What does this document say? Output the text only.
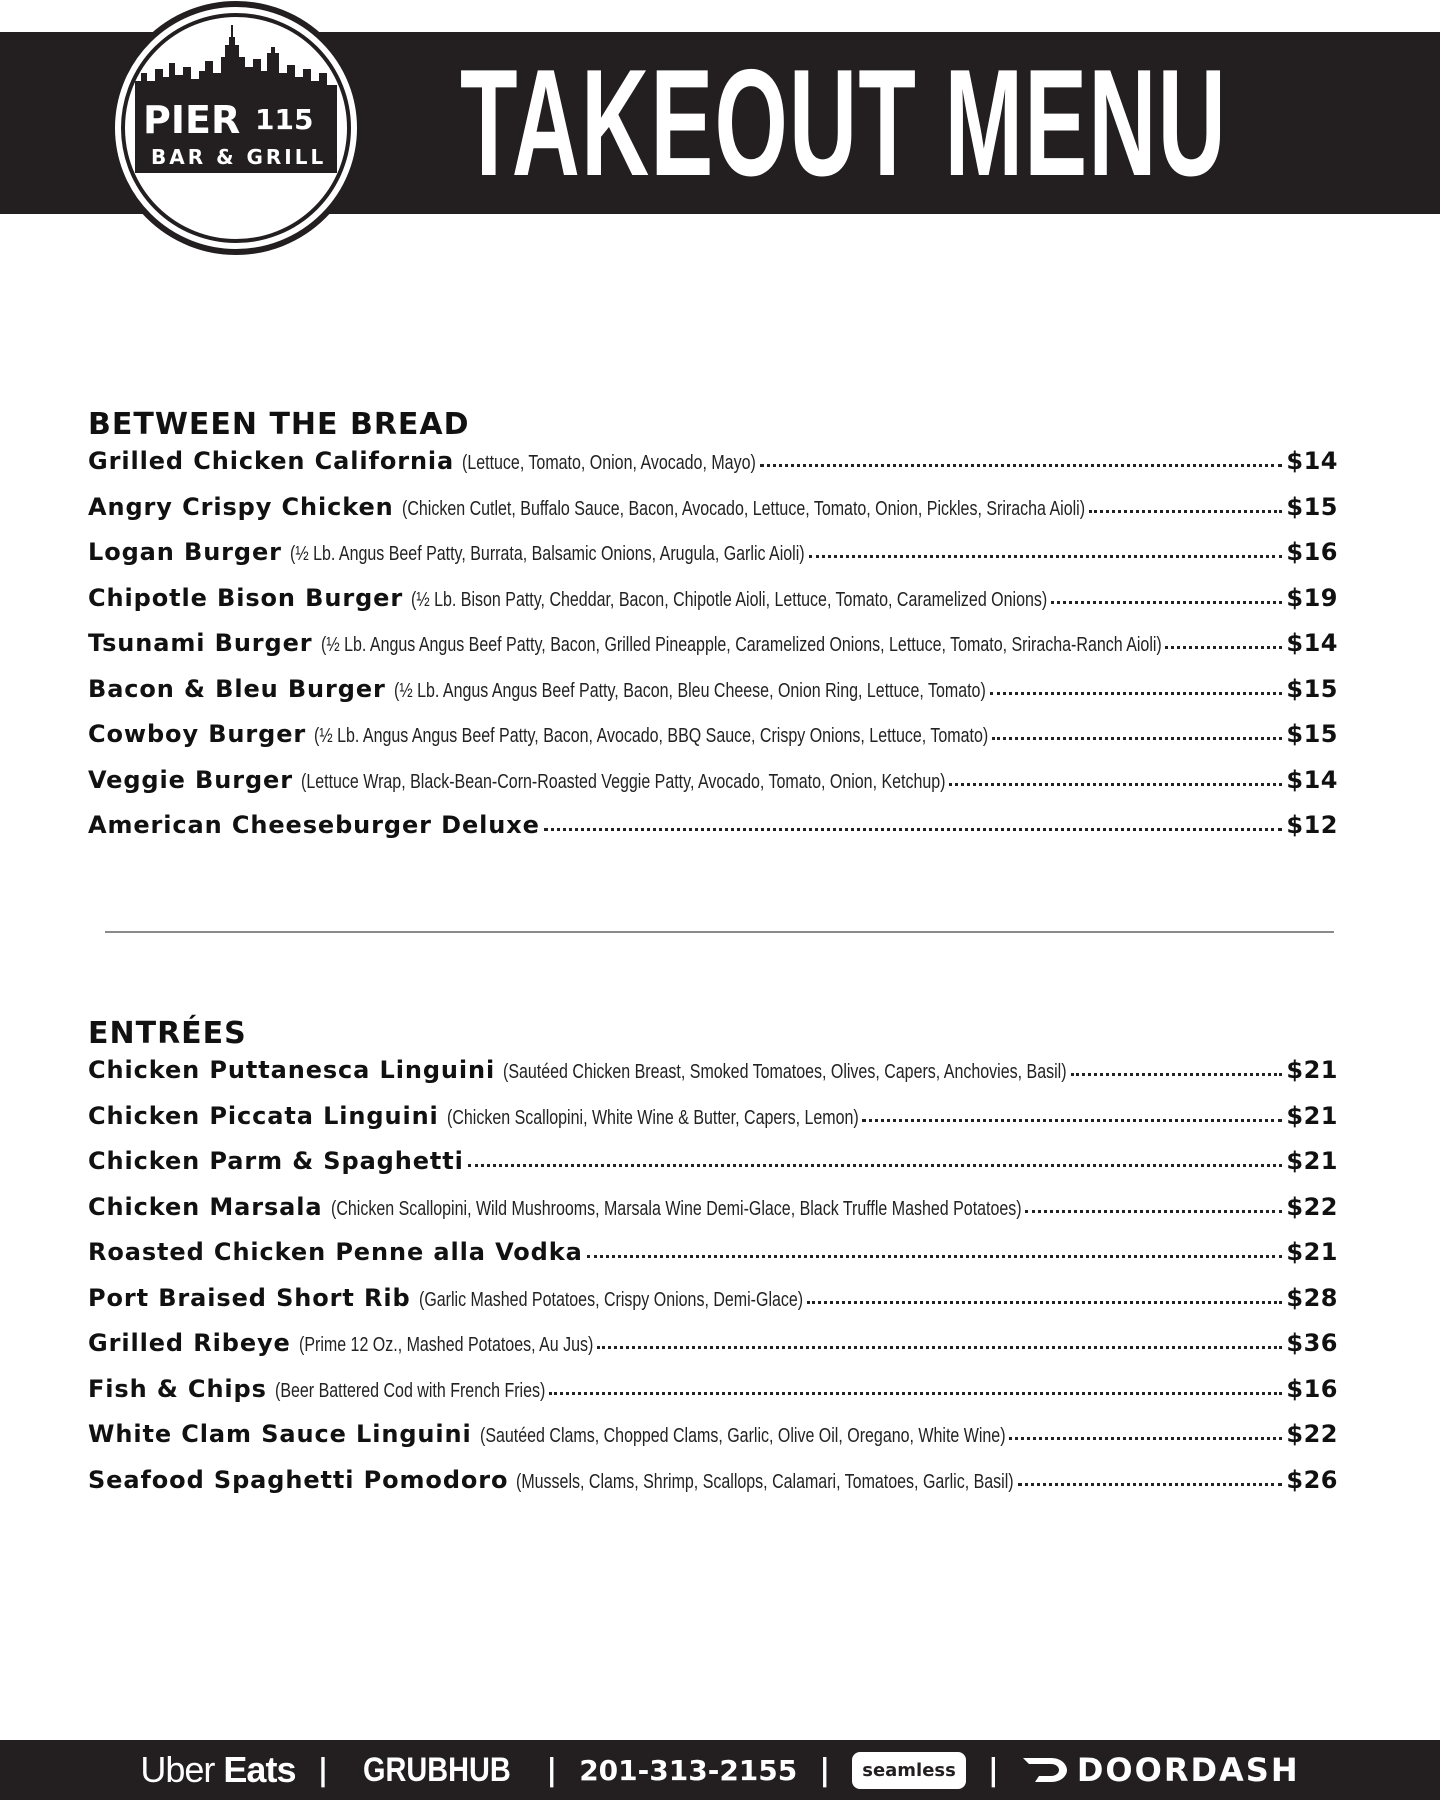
TAKEOUT MENU
PIER 115
BAR & GRILL
BETWEEN THE BREAD
Grilled Chicken California (Lettuce, Tomato, Onion, Avocado, Mayo)	$14
Angry Crispy Chicken (Chicken Cutlet, Buffalo Sauce, Bacon, Avocado, Lettuce, Tomato, Onion, Pickles, Sriracha Aioli)	$15
Logan Burger (½ Lb. Angus Beef Patty, Burrata, Balsamic Onions, Arugula, Garlic Aioli)	$16
Chipotle Bison Burger (½ Lb. Bison Patty, Cheddar, Bacon, Chipotle Aioli, Lettuce, Tomato, Caramelized Onions)	$19
Tsunami Burger (½ Lb. Angus Angus Beef Patty, Bacon, Grilled Pineapple, Caramelized Onions, Lettuce, Tomato, Sriracha-Ranch Aioli)	$14
Bacon & Bleu Burger (½ Lb. Angus Angus Beef Patty, Bacon, Bleu Cheese, Onion Ring, Lettuce, Tomato)	$15
Cowboy Burger (½ Lb. Angus Angus Beef Patty, Bacon, Avocado, BBQ Sauce, Crispy Onions, Lettuce, Tomato)	$15
Veggie Burger (Lettuce Wrap, Black-Bean-Corn-Roasted Veggie Patty, Avocado, Tomato, Onion, Ketchup)	$14
American Cheeseburger Deluxe	$12
ENTRÉES
Chicken Puttanesca Linguini (Sautéed Chicken Breast, Smoked Tomatoes, Olives, Capers, Anchovies, Basil)	$21
Chicken Piccata Linguini (Chicken Scallopini, White Wine & Butter, Capers, Lemon)	$21
Chicken Parm & Spaghetti	$21
Chicken Marsala (Chicken Scallopini, Wild Mushrooms, Marsala Wine Demi-Glace, Black Truffle Mashed Potatoes)	$22
Roasted Chicken Penne alla Vodka	$21
Port Braised Short Rib (Garlic Mashed Potatoes, Crispy Onions, Demi-Glace)	$28
Grilled Ribeye (Prime 12 Oz., Mashed Potatoes, Au Jus)	$36
Fish & Chips (Beer Battered Cod with French Fries)	$16
White Clam Sauce Linguini (Sautéed Clams, Chopped Clams, Garlic, Olive Oil, Oregano, White Wine)	$22
Seafood Spaghetti Pomodoro (Mussels, Clams, Shrimp, Scallops, Calamari, Tomatoes, Garlic, Basil)	$26
Uber Eats | GRUBHUB | 201-313-2155 |	seamless	| DOORDASH
